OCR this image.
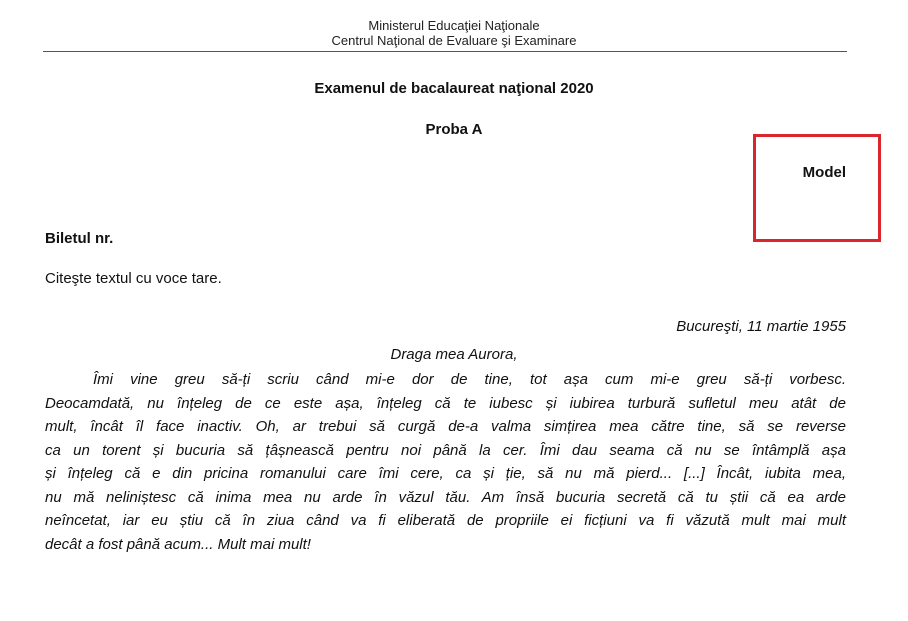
Ministerul Educaţiei Naţionale
Centrul Naţional de Evaluare şi Examinare
Examenul de bacalaureat naţional 2020
Proba A
Model
Biletul nr.
Citeşte textul cu voce tare.
Bucureşti, 11 martie 1955
Draga mea Aurora,
Îmi vine greu să-ți scriu când mi-e dor de tine, tot așa cum mi-e greu să-ți vorbesc.
Deocamdată, nu înțeleg de ce este așa, înțeleg că te iubesc și iubirea turbură sufletul meu atât de
mult, încât îl face inactiv. Oh, ar trebui să curgă de-a valma simțirea mea către tine, să se reverse
ca un torent și bucuria să țâșnească pentru noi până la cer. Îmi dau seama că nu se întâmplă așa
și înțeleg că e din pricina romanului care îmi cere, ca și ție, să nu mă pierd... [...] Încât, iubita mea,
nu mă neliniștesc că inima mea nu arde în văzul tău. Am însă bucuria secretă că tu știi că ea arde
neîncetat, iar eu știu că în ziua când va fi eliberată de propriile ei ficțiuni va fi văzută mult mai mult
decât a fost până acum... Mult mai mult!
